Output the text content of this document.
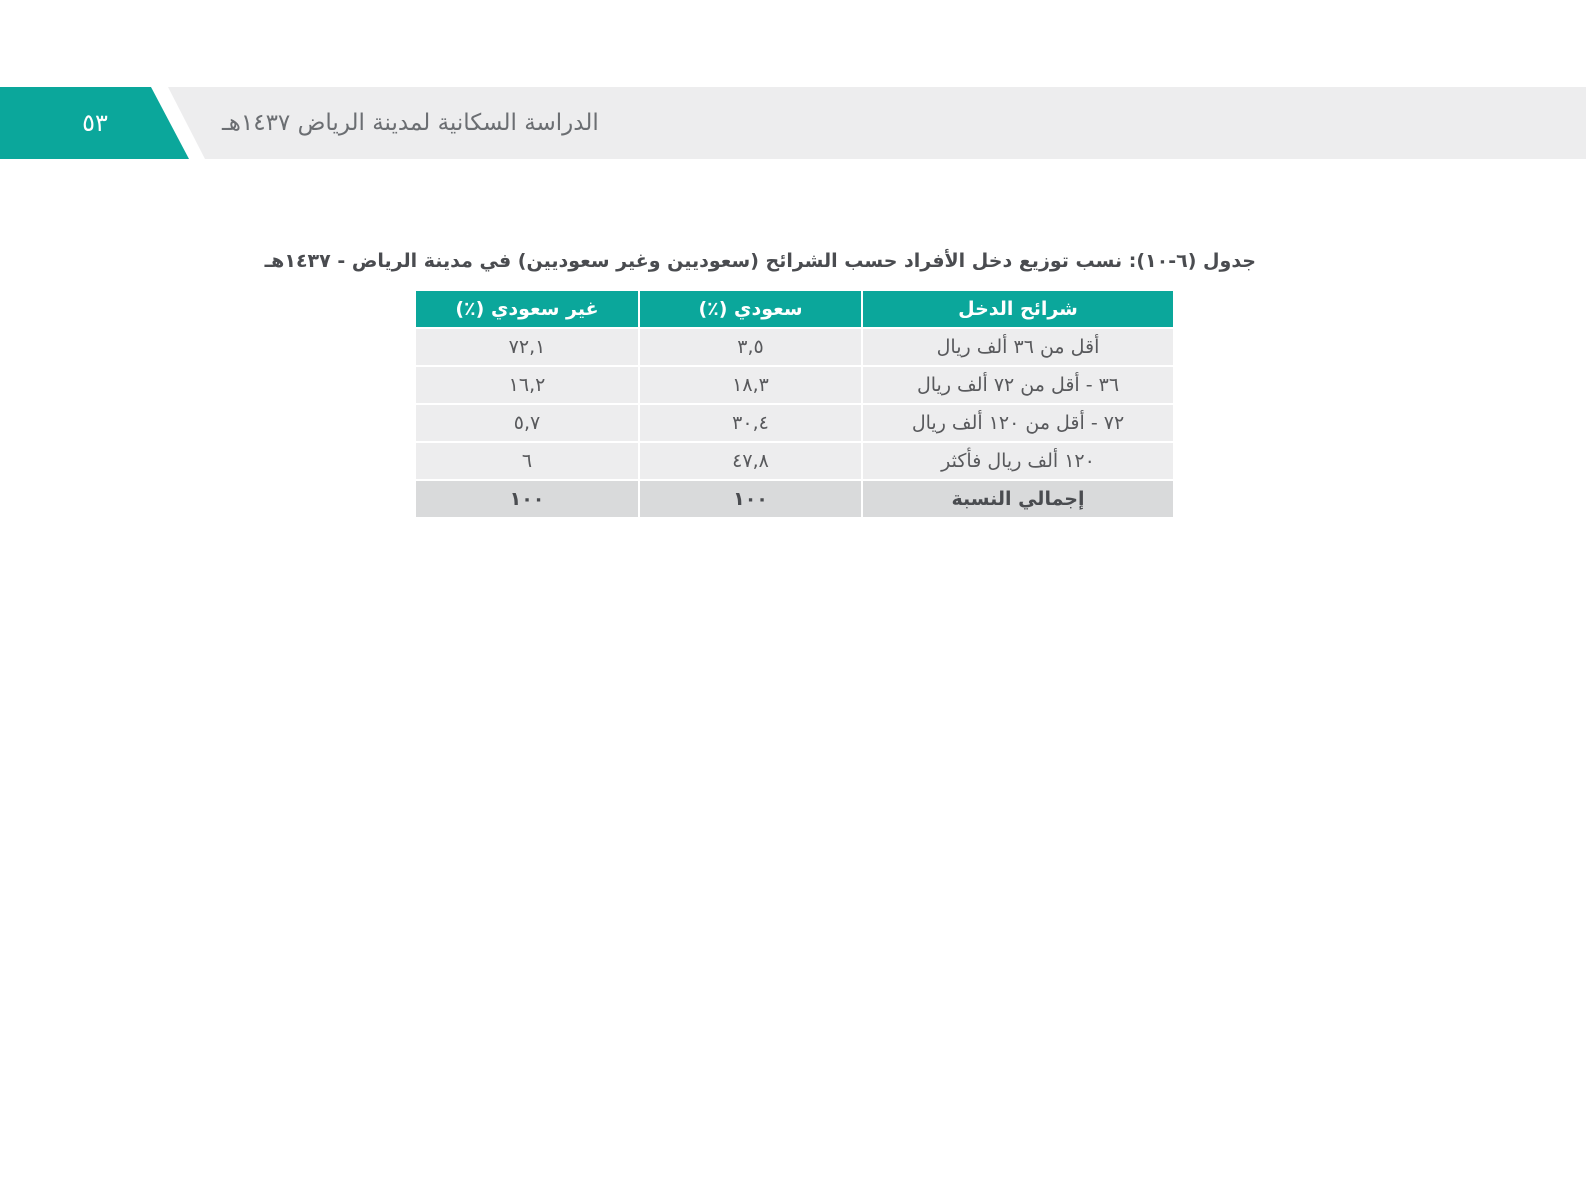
٥٣	الدراسة السكانية لمدينة الرياض ١٤٣٧هـ
جدول (٦-١٠): نسب توزيع دخل الأفراد حسب الشرائح (سعوديين وغير سعوديين) في مدينة الرياض - ١٤٣٧هـ
شرائح الدخل	سعودي (٪)	غير سعودي (٪)
أقل من ٣٦ ألف ريال	٣,٥	٧٢,١
٣٦ - أقل من ٧٢ ألف ريال	١٨,٣	١٦,٢
٧٢ - أقل من ١٢٠ ألف ريال	٣٠,٤	٥,٧
١٢٠ ألف ريال فأكثر	٤٧,٨	٦
إجمالي النسبة	١٠٠	١٠٠
